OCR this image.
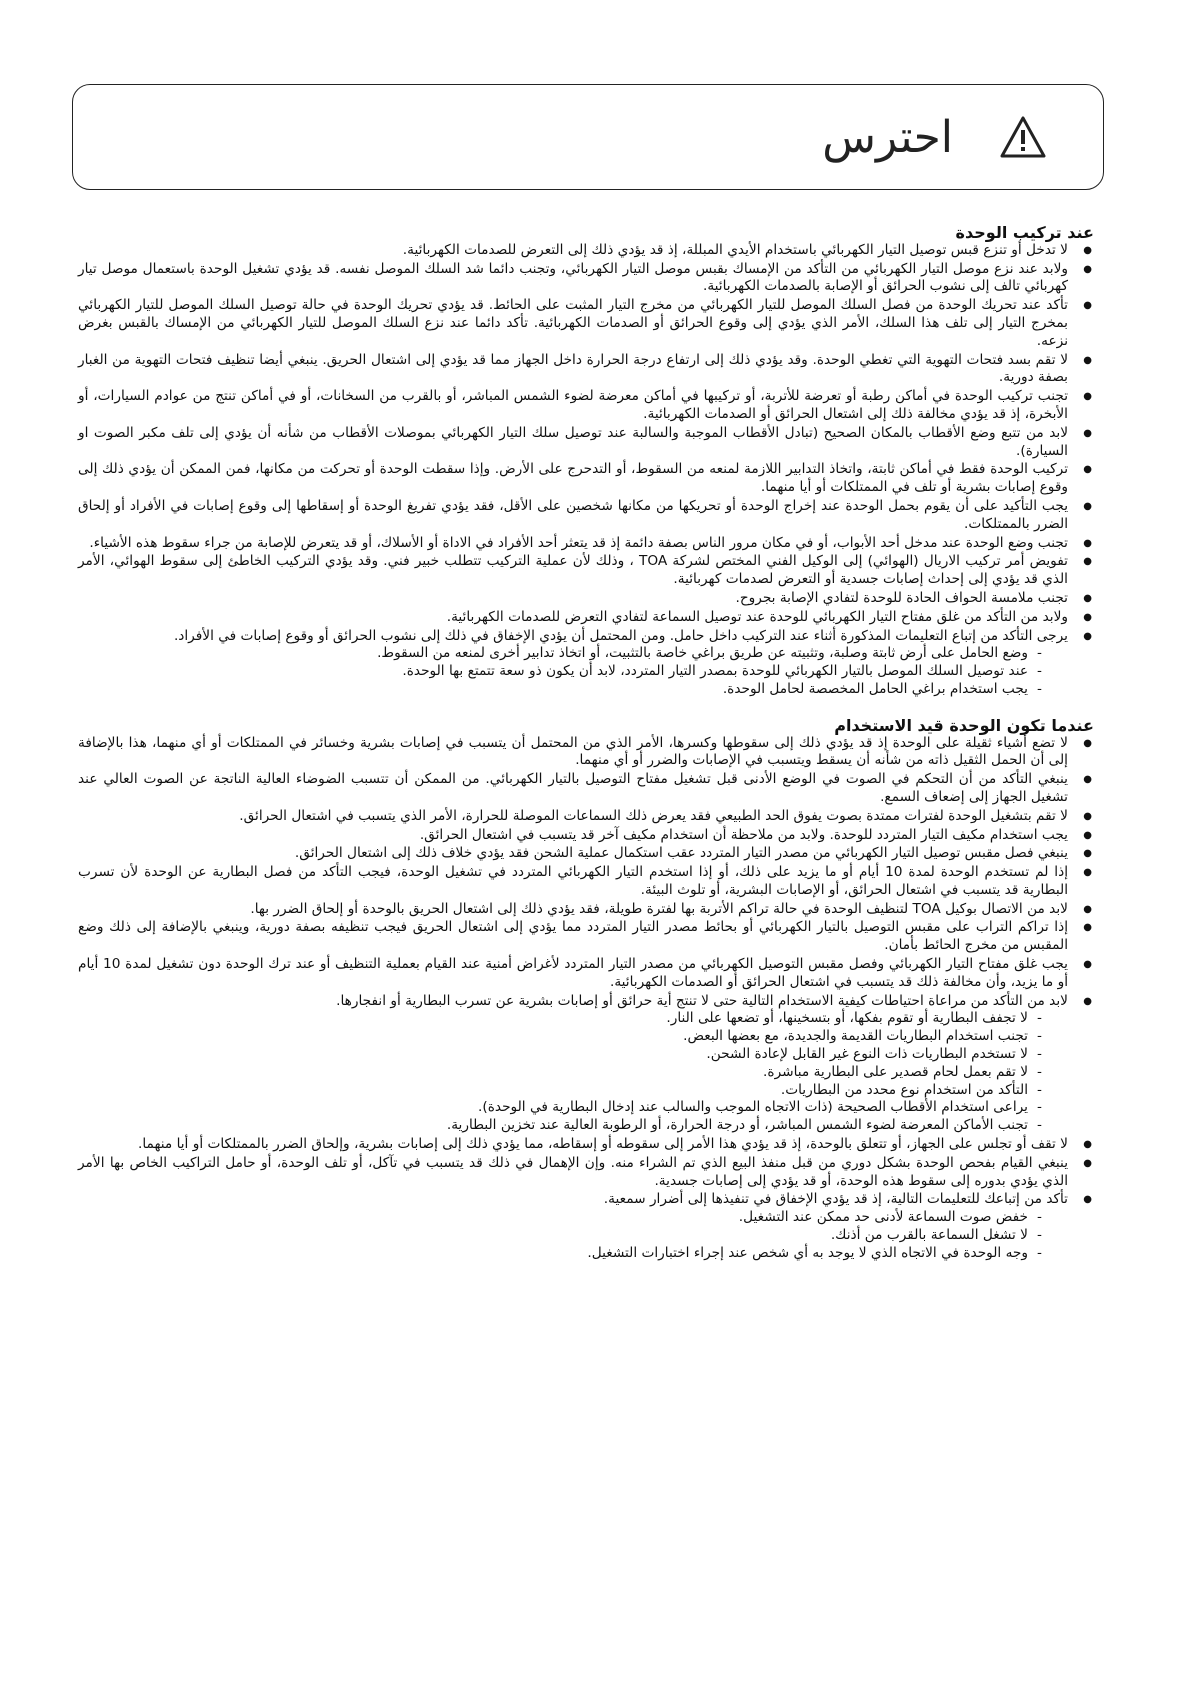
احترس
عند تركيب الوحدة
● لا تدخل أو تنزع قبس توصيل التيار الكهربائي باستخدام الأيدي المبللة، إذ قد يؤدي ذلك إلى التعرض للصدمات الكهربائية.
● ولابد عند نزع موصل التيار الكهربائي من التأكد من الإمساك بقبس موصل التيار الكهربائي، وتجنب دائما شد السلك الموصل نفسه. قد يؤدي تشغيل الوحدة باستعمال موصل تيار كهربائي تالف إلى نشوب الحرائق أو الإصابة بالصدمات الكهربائية.
● تأكد عند تحريك الوحدة من فصل السلك الموصل للتيار الكهربائي من مخرج التيار المثبت على الحائط. قد يؤدي تحريك الوحدة في حالة توصيل السلك الموصل للتيار الكهربائي بمخرج التيار إلى تلف هذا السلك، الأمر الذي يؤدي إلى وقوع الحرائق أو الصدمات الكهربائية. تأكد دائما عند نزع السلك الموصل للتيار الكهربائي من الإمساك بالقبس بغرض نزعه.
● لا تقم بسد فتحات التهوية التي تغطي الوحدة. وقد يؤدي ذلك إلى ارتفاع درجة الحرارة داخل الجهاز مما قد يؤدي إلى اشتعال الحريق. ينبغي أيضا تنظيف فتحات التهوية من الغبار بصفة دورية.
● تجنب تركيب الوحدة في أماكن رطبة أو تعرضة للأتربة، أو تركيبها في أماكن معرضة لضوء الشمس المباشر، أو بالقرب من السخانات، أو في أماكن تنتج من عوادم السيارات، أو الأبخرة، إذ قد يؤدي مخالفة ذلك إلى اشتعال الحرائق أو الصدمات الكهربائية.
● لابد من تتبع وضع الأقطاب بالمكان الصحيح (تبادل الأقطاب الموجبة والسالبة عند توصيل سلك التيار الكهربائي بموصلات الأقطاب من شأنه أن يؤدي إلى تلف مكبر الصوت او السيارة).
● تركيب الوحدة فقط في أماكن ثابتة، واتخاذ التدابير اللازمة لمنعه من السقوط، أو التدحرج على الأرض. وإذا سقطت الوحدة أو تحركت من مكانها، فمن الممكن أن يؤدي ذلك إلى وقوع إصابات بشرية أو تلف في الممتلكات أو أيا منهما.
● يجب التأكيد على أن يقوم بحمل الوحدة عند إخراج الوحدة أو تحريكها من مكانها شخصين على الأقل، فقد يؤدي تفريغ الوحدة أو إسقاطها إلى وقوع إصابات في الأفراد أو إلحاق الضرر بالممتلكات.
● تجنب وضع الوحدة عند مدخل أحد الأبواب، أو في مكان مرور الناس بصفة دائمة إذ قد يتعثر أحد الأفراد في الاداة أو الأسلاك، أو قد يتعرض للإصابة من جراء سقوط هذه الأشياء.
● تفويض أمر تركيب الاريال (الهوائي) إلى الوكيل الفني المختص لشركة TOA ، وذلك لأن عملية التركيب تتطلب خبير فني. وقد يؤدي التركيب الخاطئ إلى سقوط الهوائي، الأمر الذي قد يؤدي إلى إحداث إصابات جسدية أو التعرض لصدمات كهربائية.
● تجنب ملامسة الحواف الحادة للوحدة لتفادي الإصابة بجروح.
● ولابد من التأكد من غلق مفتاح التيار الكهربائي للوحدة عند توصيل السماعة لتفادي التعرض للصدمات الكهربائية.
● يرجى التأكد من إتباع التعليمات المذكورة أثناء عند التركيب داخل حامل. ومن المحتمل أن يؤدي الإخفاق في ذلك إلى نشوب الحرائق أو وقوع إصابات في الأفراد.
- وضع الحامل على أرض ثابتة وصلبة، وتثبيته عن طريق براغي خاصة بالتثبيت، أو اتخاذ تدابير أخرى لمنعه من السقوط.
- عند توصيل السلك الموصل بالتيار الكهربائي للوحدة بمصدر التيار المتردد، لابد أن يكون ذو سعة تتمتع بها الوحدة.
- يجب استخدام براغي الحامل المخصصة لحامل الوحدة.
عندما تكون الوحدة قيد الاستخدام
● لا تضع أشياء ثقيلة على الوحدة إذ قد يؤدي ذلك إلى سقوطها وكسرها، الأمر الذي من المحتمل أن يتسبب في إصابات بشرية وخسائر في الممتلكات أو أي منهما، هذا بالإضافة إلى أن الحمل الثقيل ذاته من شأنه أن يسقط ويتسبب في الإصابات والضرر أو أي منهما.
● ينبغي التأكد من أن التحكم في الصوت في الوضع الأدنى قبل تشغيل مفتاح التوصيل بالتيار الكهربائي. من الممكن أن تتسبب الضوضاء العالية الناتجة عن الصوت العالي عند تشغيل الجهاز إلى إضعاف السمع.
● لا تقم بتشغيل الوحدة لفترات ممتدة بصوت يفوق الحد الطبيعي فقد يعرض ذلك السماعات الموصلة للحرارة، الأمر الذي يتسبب في اشتعال الحرائق.
● يجب استخدام مكيف التيار المتردد للوحدة. ولابد من ملاحظة أن استخدام مكيف آخر قد يتسبب في اشتعال الحرائق.
● ينبغي فصل مقبس توصيل التيار الكهربائي من مصدر التيار المتردد عقب استكمال عملية الشحن فقد يؤدي خلاف ذلك إلى اشتعال الحرائق.
● إذا لم تستخدم الوحدة لمدة 10 أيام أو ما يزيد على ذلك، أو إذا استخدم التيار الكهربائي المتردد في تشغيل الوحدة، فيجب التأكد من فصل البطارية عن الوحدة لأن تسرب البطارية قد يتسبب في اشتعال الحرائق، أو الإصابات البشرية، أو تلوث البيئة.
● لابد من الاتصال بوكيل TOA لتنظيف الوحدة في حالة تراكم الأتربة بها لفترة طويلة، فقد يؤدي ذلك إلى اشتعال الحريق بالوحدة أو إلحاق الضرر بها.
● إذا تراكم التراب على مقبس التوصيل بالتيار الكهربائي أو بحائط مصدر التيار المتردد مما يؤدي إلى اشتعال الحريق فيجب تنظيفه بصفة دورية، وينبغي بالإضافة إلى ذلك وضع المقبس من مخرج الحائط بأمان.
● يجب غلق مفتاح التيار الكهربائي وفصل مقبس التوصيل الكهربائي من مصدر التيار المتردد لأغراض أمنية عند القيام بعملية التنظيف أو عند ترك الوحدة دون تشغيل لمدة 10 أيام أو ما يزيد، وأن مخالفة ذلك قد يتسبب في اشتعال الحرائق أو الصدمات الكهربائية.
● لابد من التأكد من مراعاة احتياطات كيفية الاستخدام التالية حتى لا تنتج أية حرائق أو إصابات بشرية عن تسرب البطارية أو انفجارها.
- لا تجفف البطارية أو تقوم بفكها، أو بتسخينها، أو تضعها على النار.
- تجنب استخدام البطاريات القديمة والجديدة، مع بعضها البعض.
- لا تستخدم البطاريات ذات النوع غير القابل لإعادة الشحن.
- لا تقم بعمل لحام قصدير على البطارية مباشرة.
- التأكد من استخدام نوع محدد من البطاريات.
- يراعى استخدام الأقطاب الصحيحة (ذات الاتجاه الموجب والسالب عند إدخال البطارية في الوحدة).
- تجنب الأماكن المعرضة لضوء الشمس المباشر، أو درجة الحرارة، أو الرطوبة العالية عند تخزين البطارية.
● لا تقف أو تجلس على الجهاز، أو تتعلق بالوحدة، إذ قد يؤدي هذا الأمر إلى سقوطه أو إسقاطه، مما يؤدي ذلك إلى إصابات بشرية، وإلحاق الضرر بالممتلكات أو أيا منهما.
● ينبغي القيام بفحص الوحدة بشكل دوري من قبل منفذ البيع الذي تم الشراء منه. وإن الإهمال في ذلك قد يتسبب في تآكل، أو تلف الوحدة، أو حامل التراكيب الخاص بها الأمر الذي يؤدي بدوره إلى سقوط هذه الوحدة، أو قد يؤدي إلى إصابات جسدية.
● تأكد من إتباعك للتعليمات التالية، إذ قد يؤدي الإخفاق في تنفيذها إلى أضرار سمعية.
- خفض صوت السماعة لأدنى حد ممكن عند التشغيل.
- لا تشغل السماعة بالقرب من أذنك.
- وجه الوحدة في الاتجاه الذي لا يوجد به أي شخص عند إجراء اختبارات التشغيل.
